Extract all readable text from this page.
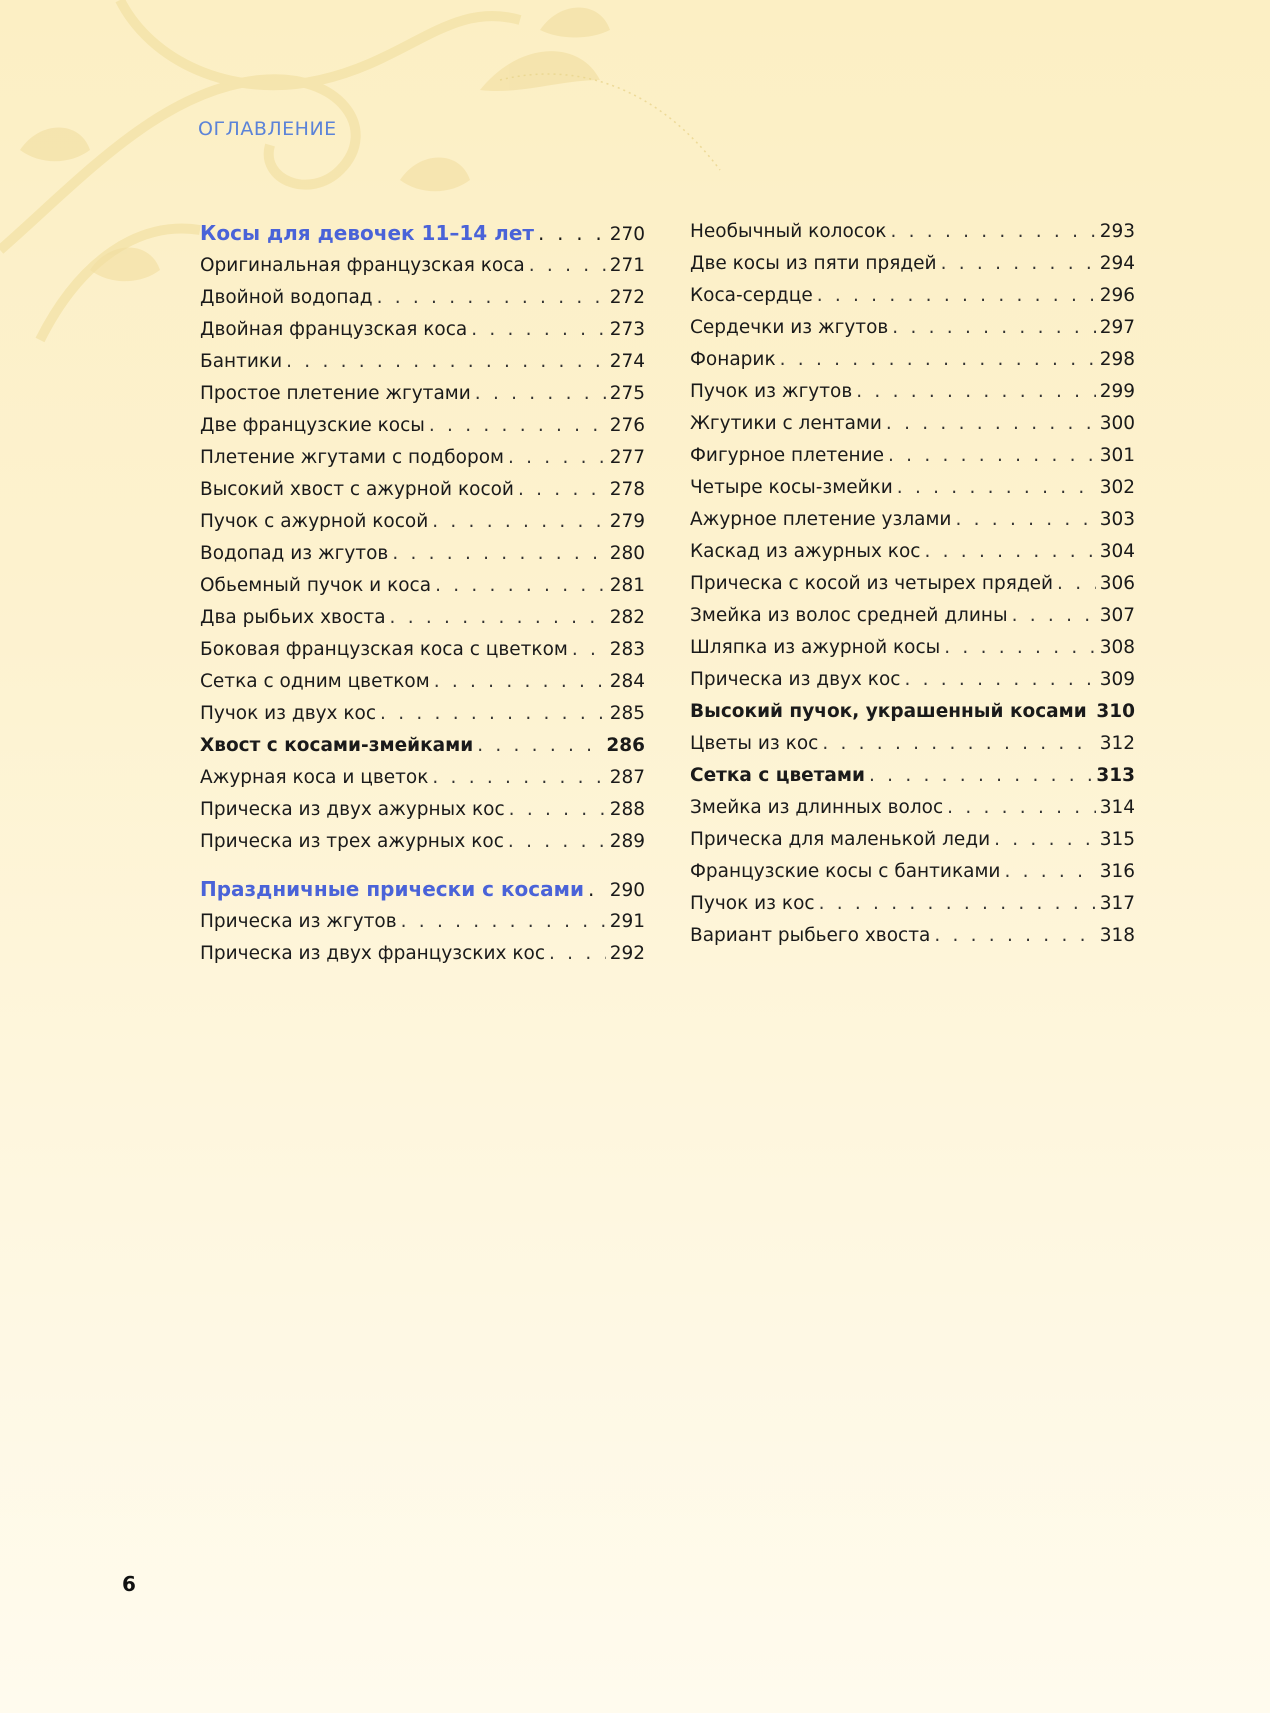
ОГЛАВЛЕНИЕ
Косы для девочек 11–14 лет . . .	270
Оригинальная французская коса . . .	271
Двойной водопад . . .	272
Двойная французская коса . . .	273
Бантики . . .	274
Простое плетение жгутами . . .	275
Две французские косы . . .	276
Плетение жгутами с подбором . . .	277
Высокий хвост с ажурной косой . . .	278
Пучок с ажурной косой . . .	279
Водопад из жгутов . . .	280
Обьемный пучок и коса . . .	281
Два рыбьих хвоста . . .	282
Боковая французская коса с цветком . . . 283
Сетка с одним цветком . . .	284
Пучок из двух кос . . .	285
Хвост с косами-змейками . . .	286
Ажурная коса и цветок . . .	287
Прическа из двух ажурных кос . . .	288
Прическа из трех ажурных кос . . .	289
Праздничные прически с косами . . . 290
Прическа из жгутов . . .	291
Прическа из двух французских кос . . .	292
Необычный колосок . . .	293
Две косы из пяти прядей . . .	294
Коса-сердце . . .	296
Сердечки из жгутов . . .	297
Фонарик . . .	298
Пучок из жгутов . . .	299
Жгутики с лентами . . .	300
Фигурное плетение . . .	301
Четыре косы-змейки . . .	302
Ажурное плетение узлами . . .	303
Каскад из ажурных кос . . .	304
Прическа с косой из четырех прядей . . .	306
Змейка из волос средней длины . . .	307
Шляпка из ажурной косы . . .	308
Прическа из двух кос . . .	309
Высокий пучок, украшенный косами . . . 310
Цветы из кос . . .	312
Сетка с цветами . . .	313
Змейка из длинных волос . . .	314
Прическа для маленькой леди . . .	315
Французские косы с бантиками . . .	316
Пучок из кос . . .	317
Вариант рыбьего хвоста . . .	318
6
